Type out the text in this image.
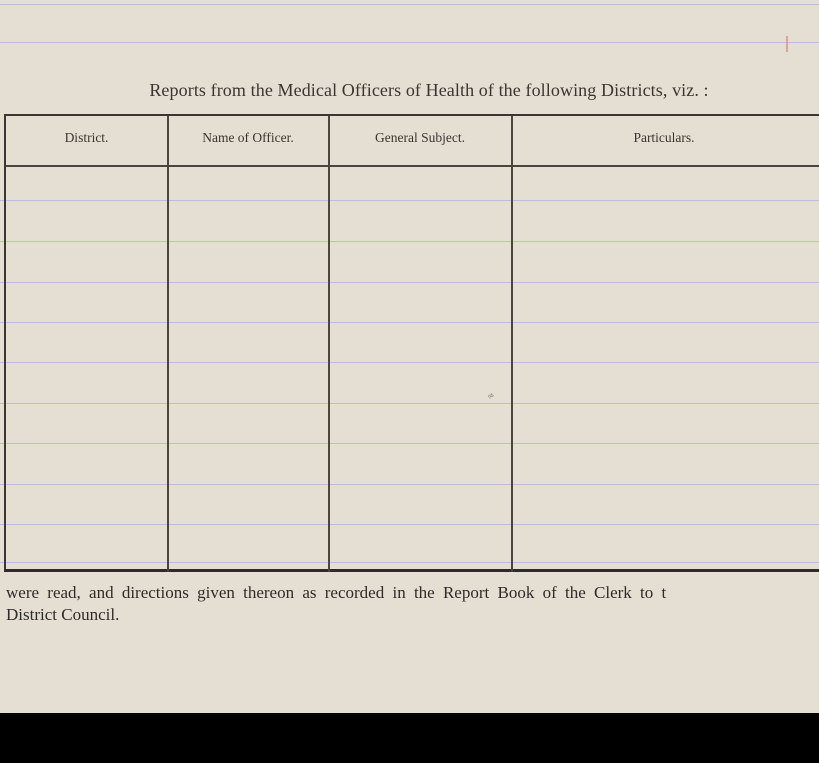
Reports from the Medical Officers of Health of the following Districts, viz. :
District.	Name of Officer.	General Subject.	Particulars.
≈
were read, and directions given thereon as recorded in the Report Book of the Clerk to t
District Council.
